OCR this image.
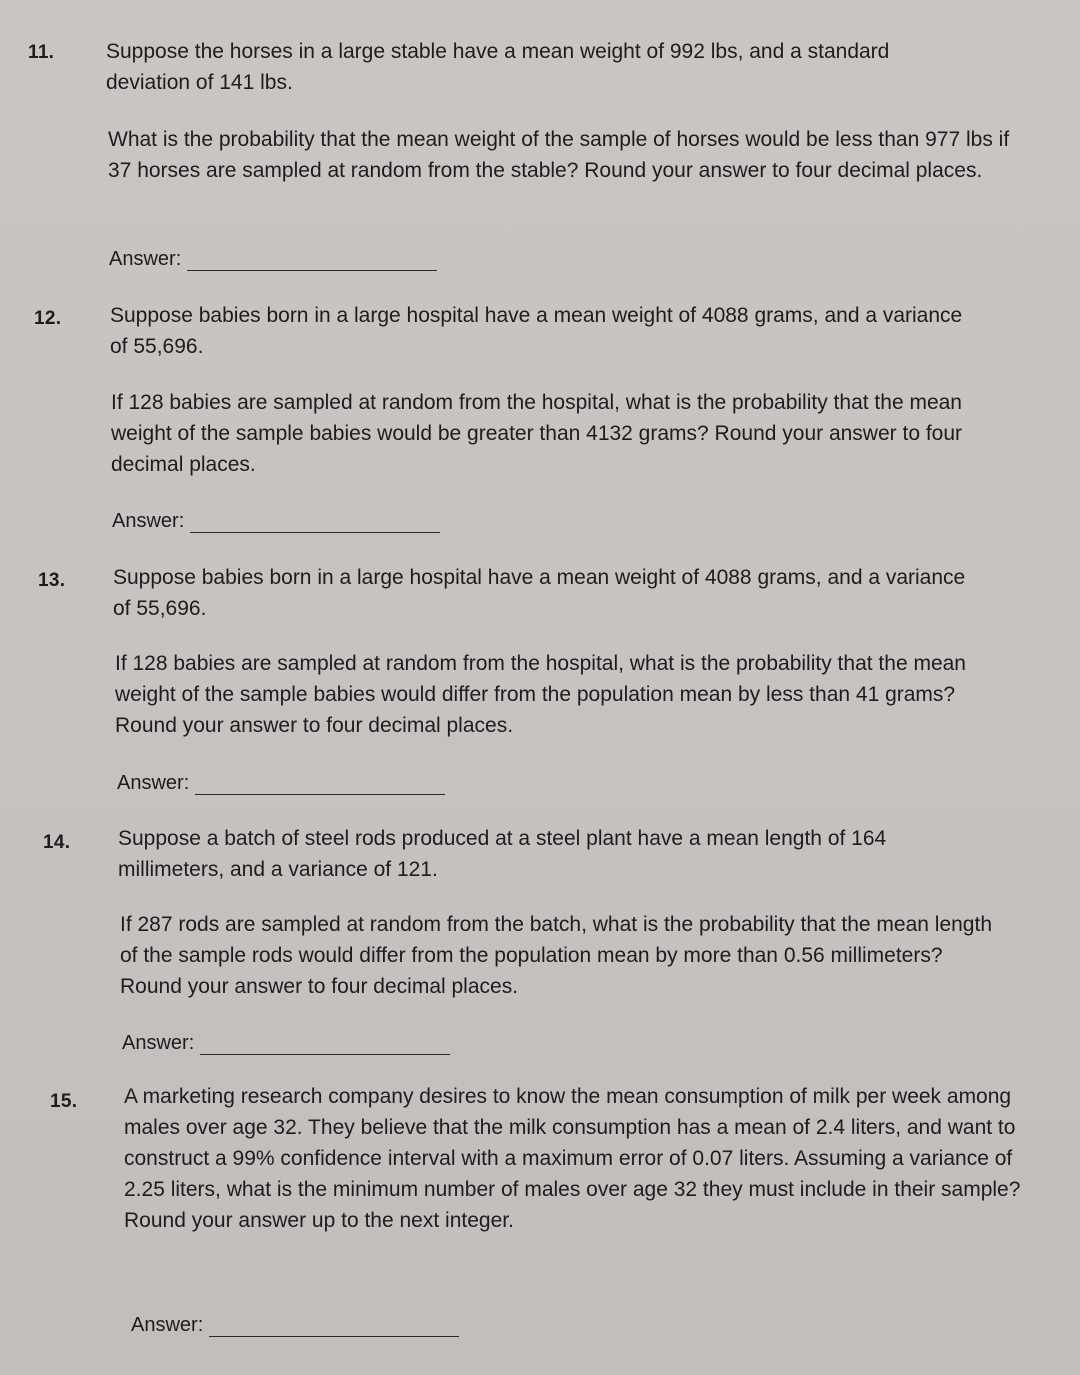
11. Suppose the horses in a large stable have a mean weight of 992 lbs, and a standard deviation of 141 lbs.

What is the probability that the mean weight of the sample of horses would be less than 977 lbs if 37 horses are sampled at random from the stable? Round your answer to four decimal places.

Answer:
12. Suppose babies born in a large hospital have a mean weight of 4088 grams, and a variance of 55,696.

If 128 babies are sampled at random from the hospital, what is the probability that the mean weight of the sample babies would be greater than 4132 grams? Round your answer to four decimal places.

Answer:
13. Suppose babies born in a large hospital have a mean weight of 4088 grams, and a variance of 55,696.

If 128 babies are sampled at random from the hospital, what is the probability that the mean weight of the sample babies would differ from the population mean by less than 41 grams? Round your answer to four decimal places.

Answer:
14. Suppose a batch of steel rods produced at a steel plant have a mean length of 164 millimeters, and a variance of 121.

If 287 rods are sampled at random from the batch, what is the probability that the mean length of the sample rods would differ from the population mean by more than 0.56 millimeters? Round your answer to four decimal places.

Answer:
15. A marketing research company desires to know the mean consumption of milk per week among males over age 32. They believe that the milk consumption has a mean of 2.4 liters, and want to construct a 99% confidence interval with a maximum error of 0.07 liters. Assuming a variance of 2.25 liters, what is the minimum number of males over age 32 they must include in their sample? Round your answer up to the next integer.

Answer:
